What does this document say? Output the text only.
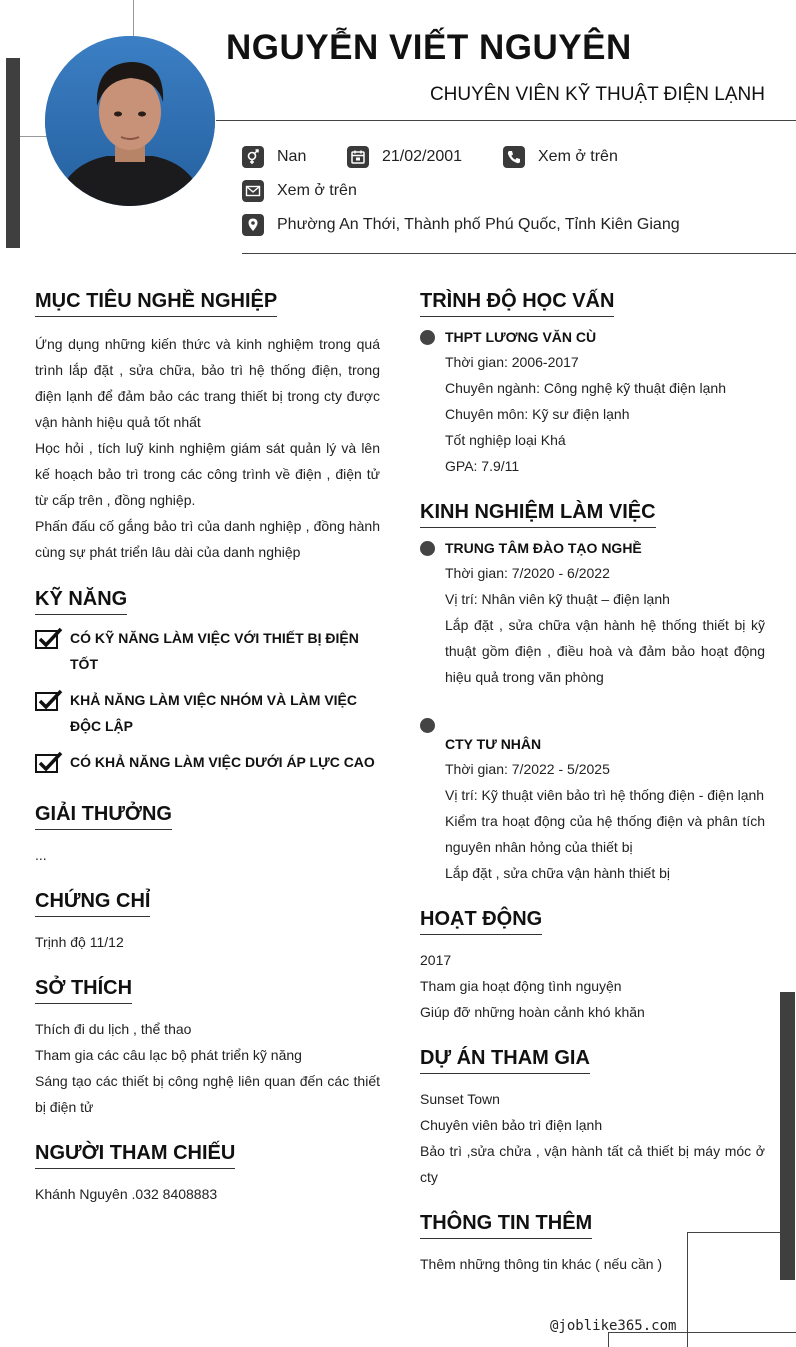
NGUYỄN VIẾT NGUYÊN
CHUYÊN VIÊN KỸ THUẬT ĐIỆN LẠNH
Nan	21/02/2001	Xem ở trên
Xem ở trên
Phường An Thới, Thành phố Phú Quốc, Tỉnh Kiên Giang
MỤC TIÊU NGHỀ NGHIỆP
Ứng dụng những kiến thức và kinh nghiệm trong quá trình lắp đặt , sửa chữa, bảo trì hệ thống điện, trong điện lạnh để đảm bảo các trang thiết bị trong cty được vận hành hiệu quả tốt nhất
Học hỏi , tích luỹ kinh nghiệm giám sát quản lý và lên kế hoạch bảo trì trong các công trình về điện , điện tử từ cấp trên , đồng nghiệp.
Phấn đấu cố gắng bảo trì của danh nghiệp , đồng hành cùng sự phát triển lâu dài của danh nghiệp
KỸ NĂNG
CÓ KỸ NĂNG LÀM VIỆC VỚI THIẾT BỊ ĐIỆN TỐT
KHẢ NĂNG LÀM VIỆC NHÓM VÀ LÀM VIỆC ĐỘC LẬP
CÓ KHẢ NĂNG LÀM VIỆC DƯỚI ÁP LỰC CAO
GIẢI THƯỞNG
...
CHỨNG CHỈ
Trịnh độ 11/12
SỞ THÍCH
Thích đi du lịch , thể thao
Tham gia các câu lạc bộ phát triển kỹ năng
Sáng tạo các thiết bị công nghệ liên quan đến các thiết bị điện tử
NGƯỜI THAM CHIẾU
Khánh Nguyên .032 8408883
TRÌNH ĐỘ HỌC VẤN
THPT LƯƠNG VĂN CÙ
Thời gian: 2006-2017
Chuyên ngành: Công nghệ kỹ thuật điện lạnh
Chuyên môn: Kỹ sư điện lạnh
Tốt nghiệp loại Khá
GPA: 7.9/11
KINH NGHIỆM LÀM VIỆC
TRUNG TÂM ĐÀO TẠO NGHỀ
Thời gian: 7/2020 - 6/2022
Vị trí: Nhân viên kỹ thuật – điện lạnh
Lắp đặt , sửa chữa vận hành hệ thống thiết bị kỹ thuật gồm điện , điều hoà và đảm bảo hoạt động hiệu quả trong văn phòng
CTY TƯ NHÂN
Thời gian: 7/2022 - 5/2025
Vị trí: Kỹ thuật viên bảo trì hệ thống điện - điện lạnh
Kiểm tra hoạt động của hệ thống điện và phân tích nguyên nhân hỏng của thiết bị
Lắp đặt , sửa chữa vận hành thiết bị
HOẠT ĐỘNG
2017
Tham gia hoạt động tình nguyện
Giúp đỡ những hoàn cảnh khó khăn
DỰ ÁN THAM GIA
Sunset Town
Chuyên viên bảo trì điện lạnh
Bảo trì ,sửa chửa , vận hành tất cả thiết bị máy móc ở cty
THÔNG TIN THÊM
Thêm những thông tin khác ( nếu cần )
@joblike365.com
